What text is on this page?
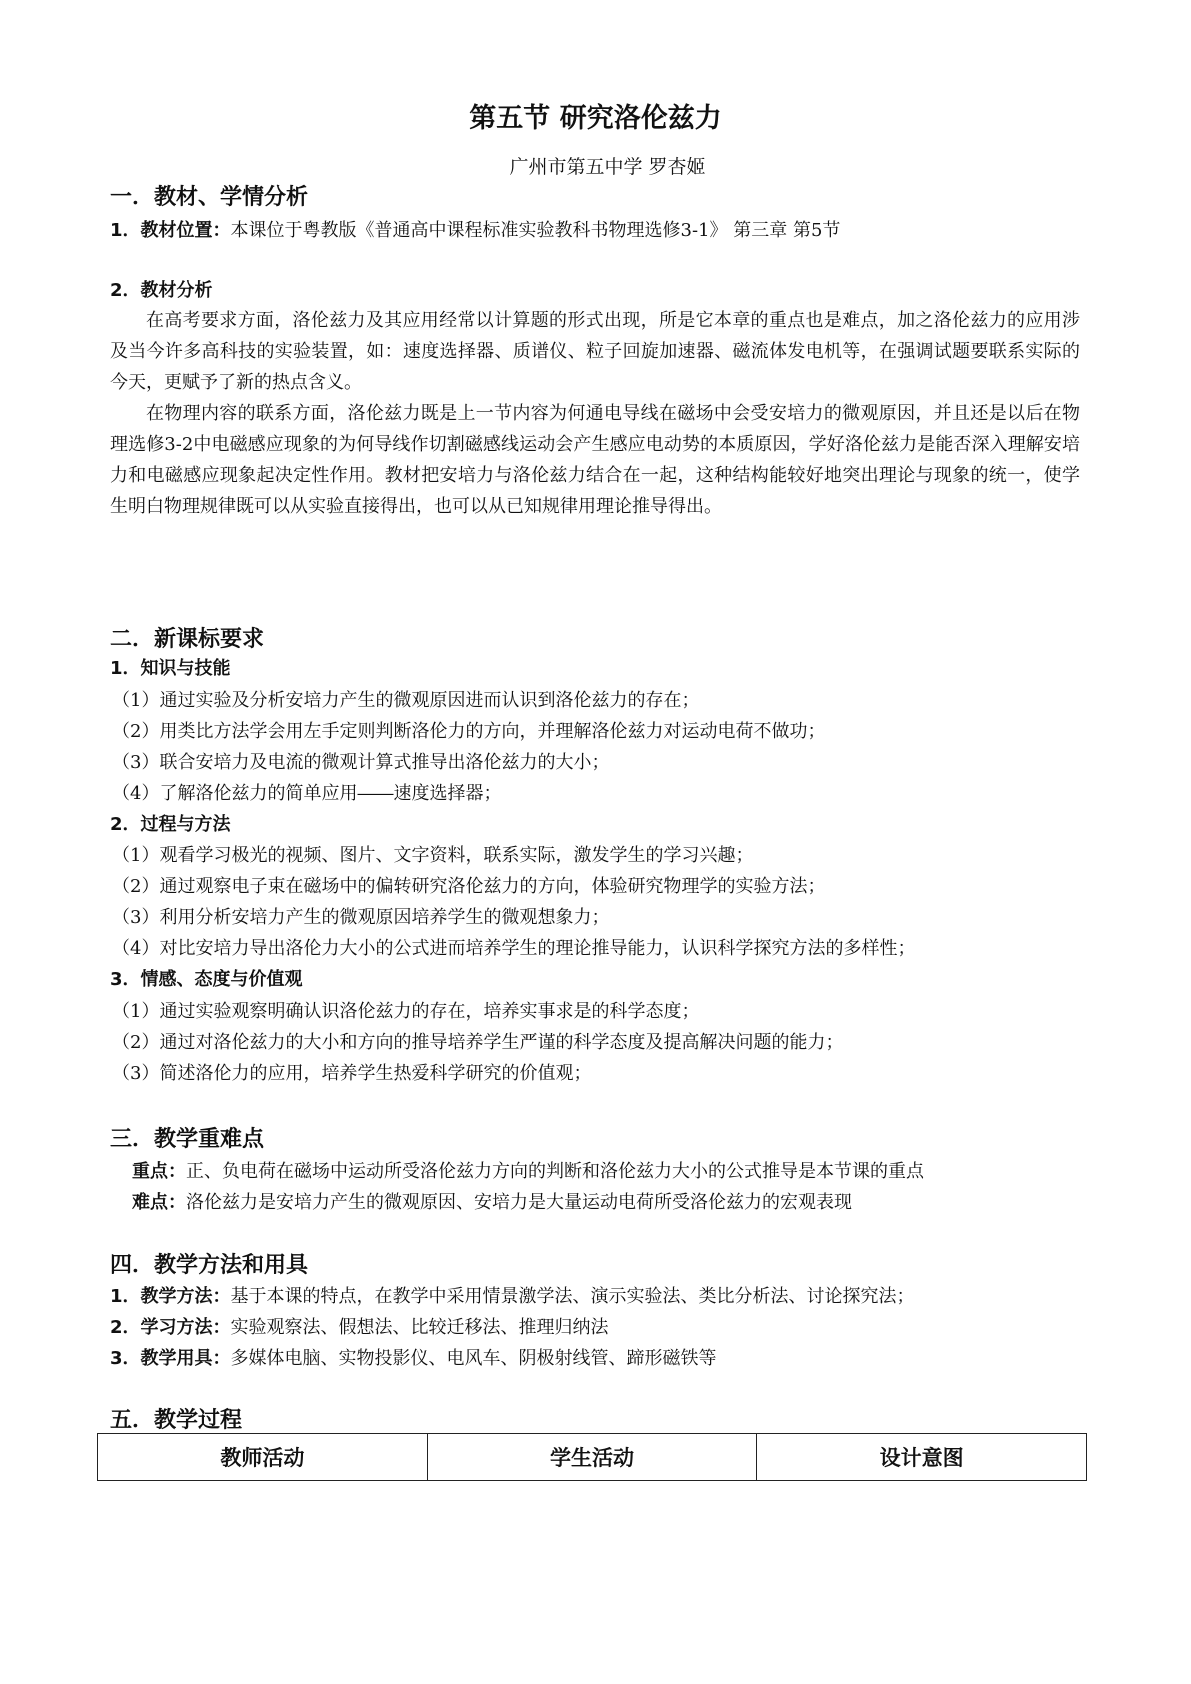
第五节 研究洛伦兹力
广州市第五中学 罗杏姬
一．教材、学情分析
1．教材位置：本课位于粤教版《普通高中课程标准实验教科书物理选修3-1》 第三章 第5节
2．教材分析

在高考要求方面，洛伦兹力及其应用经常以计算题的形式出现，所是它本章的重点也是难点，加之洛伦兹力的应用涉及当今许多高科技的实验装置，如：速度选择器、质谱仪、粒子回旋加速器、磁流体发电机等，在强调试题要联系实际的今天，更赋予了新的热点含义。

在物理内容的联系方面，洛伦兹力既是上一节内容为何通电导线在磁场中会受安培力的微观原因，并且还是以后在物理选修3-2中电磁感应现象的为何导线作切割磁感线运动会产生感应电动势的本质原因，学好洛伦兹力是能否深入理解安培力和电磁感应现象起决定性作用。教材把安培力与洛伦兹力结合在一起，这种结构能较好地突出理论与现象的统一，使学生明白物理规律既可以从实验直接得出，也可以从已知规律用理论推导得出。

二．新课标要求
1．知识与技能
（1）通过实验及分析安培力产生的微观原因进而认识到洛伦兹力的存在；
（2）用类比方法学会用左手定则判断洛伦力的方向，并理解洛伦兹力对运动电荷不做功；
（3）联合安培力及电流的微观计算式推导出洛伦兹力的大小；
（4）了解洛伦兹力的简单应用――速度选择器；
2．过程与方法
（1）观看学习极光的视频、图片、文字资料，联系实际，激发学生的学习兴趣；
（2）通过观察电子束在磁场中的偏转研究洛伦兹力的方向，体验研究物理学的实验方法；
（3）利用分析安培力产生的微观原因培养学生的微观想象力；
（4）对比安培力导出洛伦力大小的公式进而培养学生的理论推导能力，认识科学探究方法的多样性；
3．情感、态度与价值观
（1）通过实验观察明确认识洛伦兹力的存在，培养实事求是的科学态度；
（2）通过对洛伦兹力的大小和方向的推导培养学生严谨的科学态度及提高解决问题的能力；
（3）简述洛伦力的应用，培养学生热爱科学研究的价值观；
三．教学重难点
重点：正、负电荷在磁场中运动所受洛伦兹力方向的判断和洛伦兹力大小的公式推导是本节课的重点
难点：洛伦兹力是安培力产生的微观原因、安培力是大量运动电荷所受洛伦兹力的宏观表现
四．教学方法和用具
1．教学方法：基于本课的特点，在教学中采用情景激学法、演示实验法、类比分析法、讨论探究法；
2．学习方法：实验观察法、假想法、比较迁移法、推理归纳法
3．教学用具：多媒体电脑、实物投影仪、电风车、阴极射线管、蹄形磁铁等
五．教学过程
教师活动	学生活动	设计意图
